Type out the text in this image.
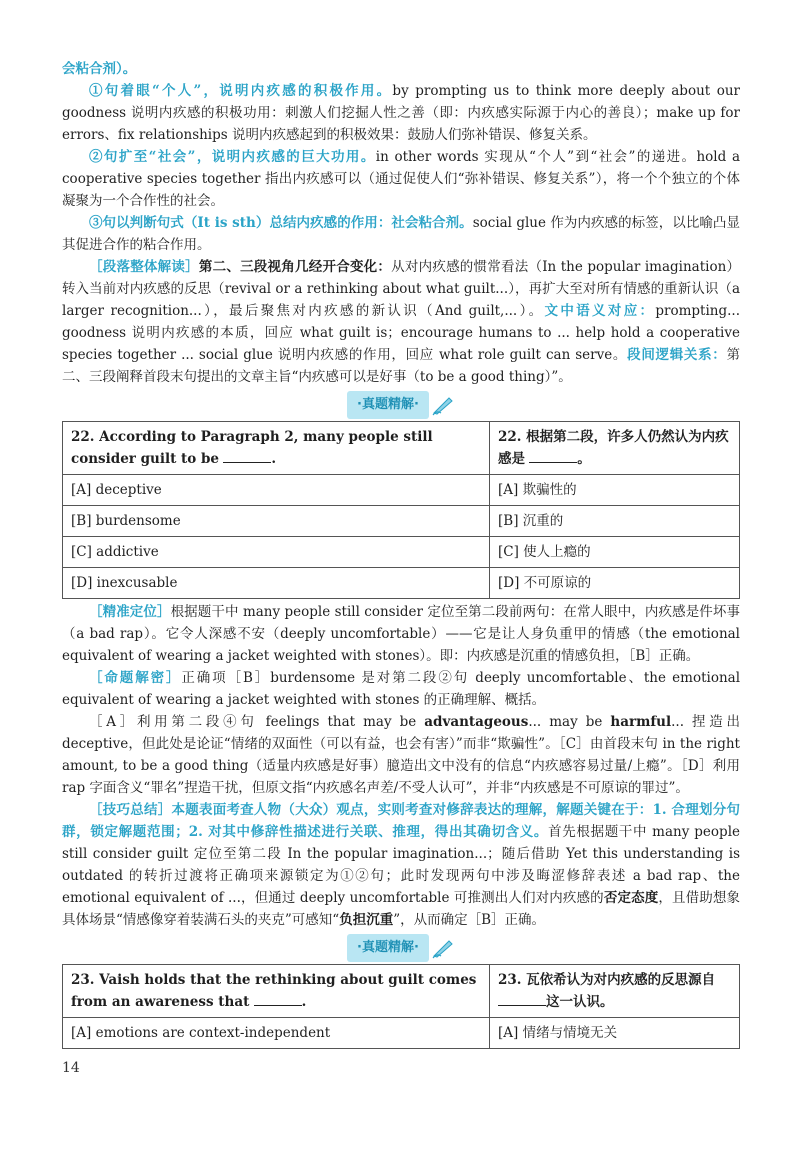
会粘合剂）。

①句着眼“个人”，说明内疚感的积极作用。by prompting us to think more deeply about our goodness 说明内疚感的积极功用：刺激人们挖掘人性之善（即：内疚感实际源于内心的善良）；make up for errors、fix relationships 说明内疚感起到的积极效果：鼓励人们弥补错误、修复关系。

②句扩至“社会”，说明内疚感的巨大功用。in other words 实现从“个人”到“社会”的递进。hold a cooperative species together 指出内疚感可以（通过促使人们“弥补错误、修复关系”），将一个个独立的个体凝聚为一个合作性的社会。

③句以判断句式（It is sth）总结内疚感的作用：社会粘合剂。social glue 作为内疚感的标签，以比喻凸显其促进合作的粘合作用。

［段落整体解读］第二、三段视角几经开合变化：从对内疚感的惯常看法（In the popular imagination）转入当前对内疚感的反思（revival or a rethinking about what guilt...），再扩大至对所有情感的重新认识（a larger recognition...），最后聚焦对内疚感的新认识（And guilt,...）。文中语义对应：prompting... goodness 说明内疚感的本质，回应 what guilt is；encourage humans to ... help hold a cooperative species together ... social glue 说明内疚感的作用，回应 what role guilt can serve。段间逻辑关系：第二、三段阐释首段末句提出的文章主旨“内疚感可以是好事（to be a good thing）”。

·真题精解·
22. According to Paragraph 2, many people still consider guilt to be .	22. 根据第二段，许多人仍然认为内疚感是 。
[A] deceptive	[A] 欺骗性的
[B] burdensome	[B] 沉重的
[C] addictive	[C] 使人上瘾的
[D] inexcusable	[D] 不可原谅的

［精准定位］根据题干中 many people still consider 定位至第二段前两句：在常人眼中，内疚感是件坏事（a bad rap）。它令人深感不安（deeply uncomfortable）——它是让人身负重甲的情感（the emotional equivalent of wearing a jacket weighted with stones）。即：内疚感是沉重的情感负担，［B］正确。

［命题解密］正确项［B］burdensome 是对第二段②句 deeply uncomfortable、the emotional equivalent of wearing a jacket weighted with stones 的正确理解、概括。

［A］利用第二段④句 feelings that may be advantageous... may be harmful... 捏造出 deceptive，但此处是论证“情绪的双面性（可以有益，也会有害）”而非“欺骗性”。［C］由首段末句 in the right amount, to be a good thing（适量内疚感是好事）臆造出文中没有的信息“内疚感容易过量/上瘾”。［D］利用 rap 字面含义“罪名”捏造干扰，但原文指“内疚感名声差/不受人认可”，并非“内疚感是不可原谅的罪过”。

［技巧总结］本题表面考查人物（大众）观点，实则考查对修辞表达的理解，解题关键在于：1. 合理划分句群，锁定解题范围；2. 对其中修辞性描述进行关联、推理，得出其确切含义。首先根据题干中 many people still consider guilt 定位至第二段 In the popular imagination...；随后借助 Yet this understanding is outdated 的转折过渡将正确项来源锁定为①②句；此时发现两句中涉及晦涩修辞表述 a bad rap、the emotional equivalent of ...，但通过 deeply uncomfortable 可推测出人们对内疚感的否定态度，且借助想象具体场景“情感像穿着装满石头的夹克”可感知“负担沉重”，从而确定［B］正确。

·真题精解·
23. Vaish holds that the rethinking about guilt comes from an awareness that .	23. 瓦依希认为对内疚感的反思源自这一认识。
[A] emotions are context-independent	[A] 情绪与情境无关
14
